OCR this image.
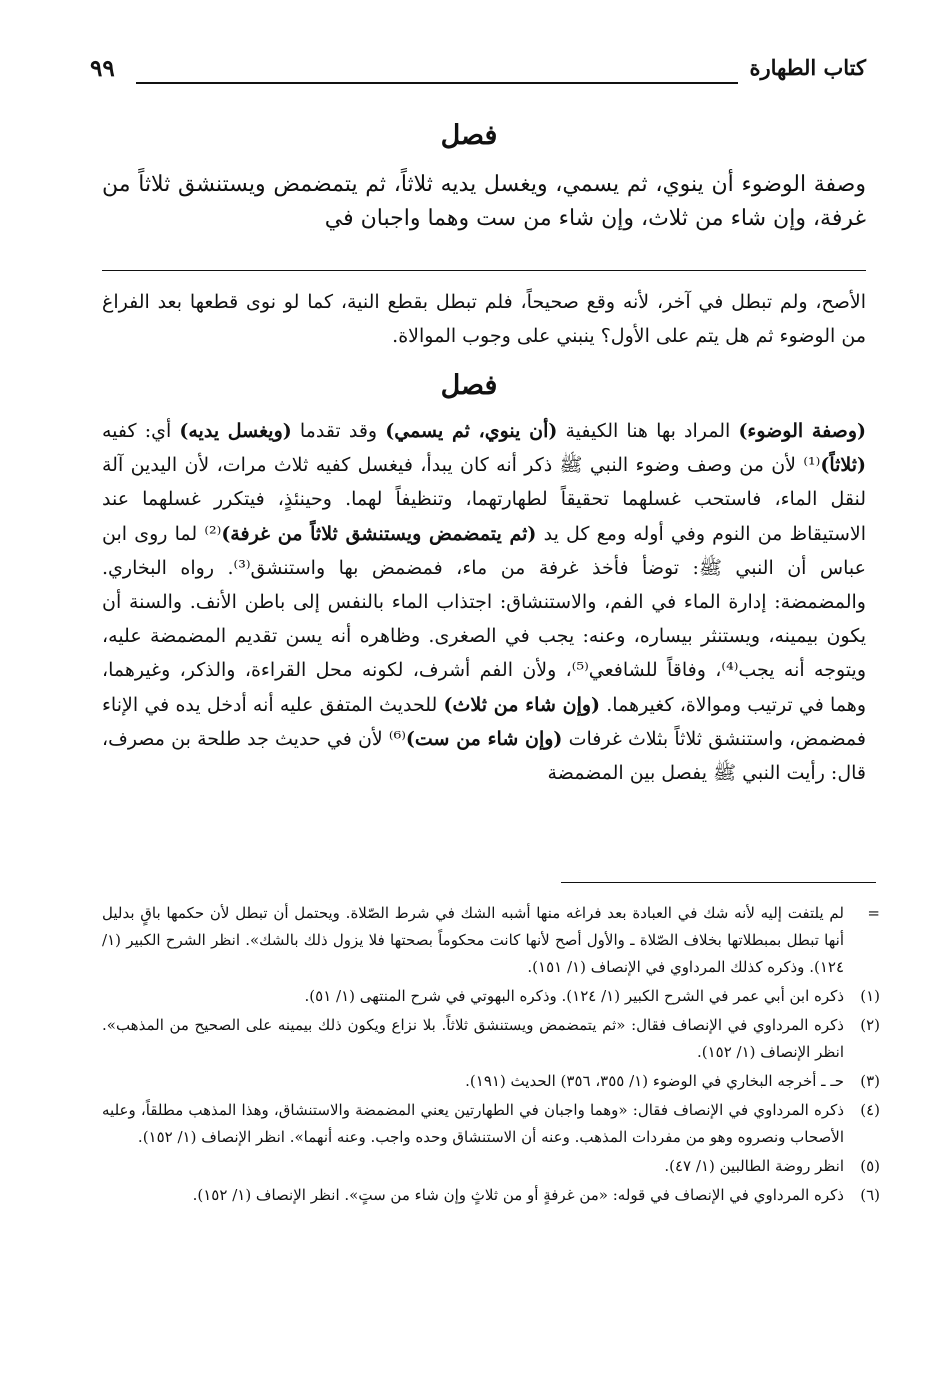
كتاب الطهارة
٩٩
فصل
وصفة الوضوء أن ينوي، ثم يسمي، ويغسل يديه ثلاثاً، ثم يتمضمض ويستنشق ثلاثاً من غرفة، وإن شاء من ثلاث، وإن شاء من ست وهما واجبان في
الأصح، ولم تبطل في آخر، لأنه وقع صحيحاً، فلم تبطل بقطع النية، كما لو نوى قطعها بعد الفراغ من الوضوء ثم هل يتم على الأول؟ ينبني على وجوب الموالاة.
فصل
(وصفة الوضوء) المراد بها هنا الكيفية (أن ينوي، ثم يسمي) وقد تقدما (ويغسل يديه) أي: كفيه (ثلاثاً)⁽¹⁾ لأن من وصف وضوء النبي ﷺ ذكر أنه كان يبدأ، فيغسل كفيه ثلاث مرات، لأن اليدين آلة لنقل الماء، فاستحب غسلهما تحقيقاً لطهارتهما، وتنظيفاً لهما. وحينئذٍ، فيتكرر غسلهما عند الاستيقاظ من النوم وفي أوله ومع كل يد (ثم يتمضمض ويستنشق ثلاثاً من غرفة)⁽²⁾ لما روى ابن عباس أن النبي ﷺ: توضأ فأخذ غرفة من ماء، فمضمض بها واستنشق⁽³⁾. رواه البخاري. والمضمضة: إدارة الماء في الفم، والاستنشاق: اجتذاب الماء بالنفس إلى باطن الأنف. والسنة أن يكون بيمينه، ويستنثر بيساره، وعنه: يجب في الصغرى. وظاهره أنه يسن تقديم المضمضة عليه، ويتوجه أنه يجب⁽⁴⁾، وفاقاً للشافعي⁽⁵⁾، ولأن الفم أشرف، لكونه محل القراءة، والذكر، وغيرهما، وهما في ترتيب وموالاة، كغيرهما. (وإن شاء من ثلاث) للحديث المتفق عليه أنه أدخل يده في الإناء فمضمض، واستنشق ثلاثاً بثلاث غرفات (وإن شاء من ست)⁽⁶⁾ لأن في حديث جد طلحة بن مصرف، قال: رأيت النبي ﷺ يفصل بين المضمضة
=
لم يلتفت إليه لأنه شك في العبادة بعد فراغه منها أشبه الشك في شرط الصّلاة. ويحتمل أن تبطل لأن حكمها باقٍ بدليل أنها تبطل بمبطلاتها بخلاف الصّلاة ـ والأول أصح لأنها كانت محكوماً بصحتها فلا يزول ذلك بالشك». انظر الشرح الكبير (١/ ١٢٤). وذكره كذلك المرداوي في الإنصاف (١/ ١٥١).
(١)
ذكره ابن أبي عمر في الشرح الكبير (١/ ١٢٤). وذكره البهوتي في شرح المنتهى (١/ ٥١).
(٢)
ذكره المرداوي في الإنصاف فقال: «ثم يتمضمض ويستنشق ثلاثاً. بلا نزاع ويكون ذلك بيمينه على الصحيح من المذهب». انظر الإنصاف (١/ ١٥٢).
(٣)
حـ ـ أخرجه البخاري في الوضوء (١/ ٣٥٥، ٣٥٦) الحديث (١٩١).
(٤)
ذكره المرداوي في الإنصاف فقال: «وهما واجبان في الطهارتين يعني المضمضة والاستنشاق، وهذا المذهب مطلقاً، وعليه الأصحاب ونصروه وهو من مفردات المذهب. وعنه أن الاستنشاق وحده واجب. وعنه أنهما». انظر الإنصاف (١/ ١٥٢).
(٥)
انظر روضة الطالبين (١/ ٤٧).
(٦)
ذكره المرداوي في الإنصاف في قوله: «من غرفةٍ أو من ثلاثٍ وإن شاء من ستٍ». انظر الإنصاف (١/ ١٥٢).
